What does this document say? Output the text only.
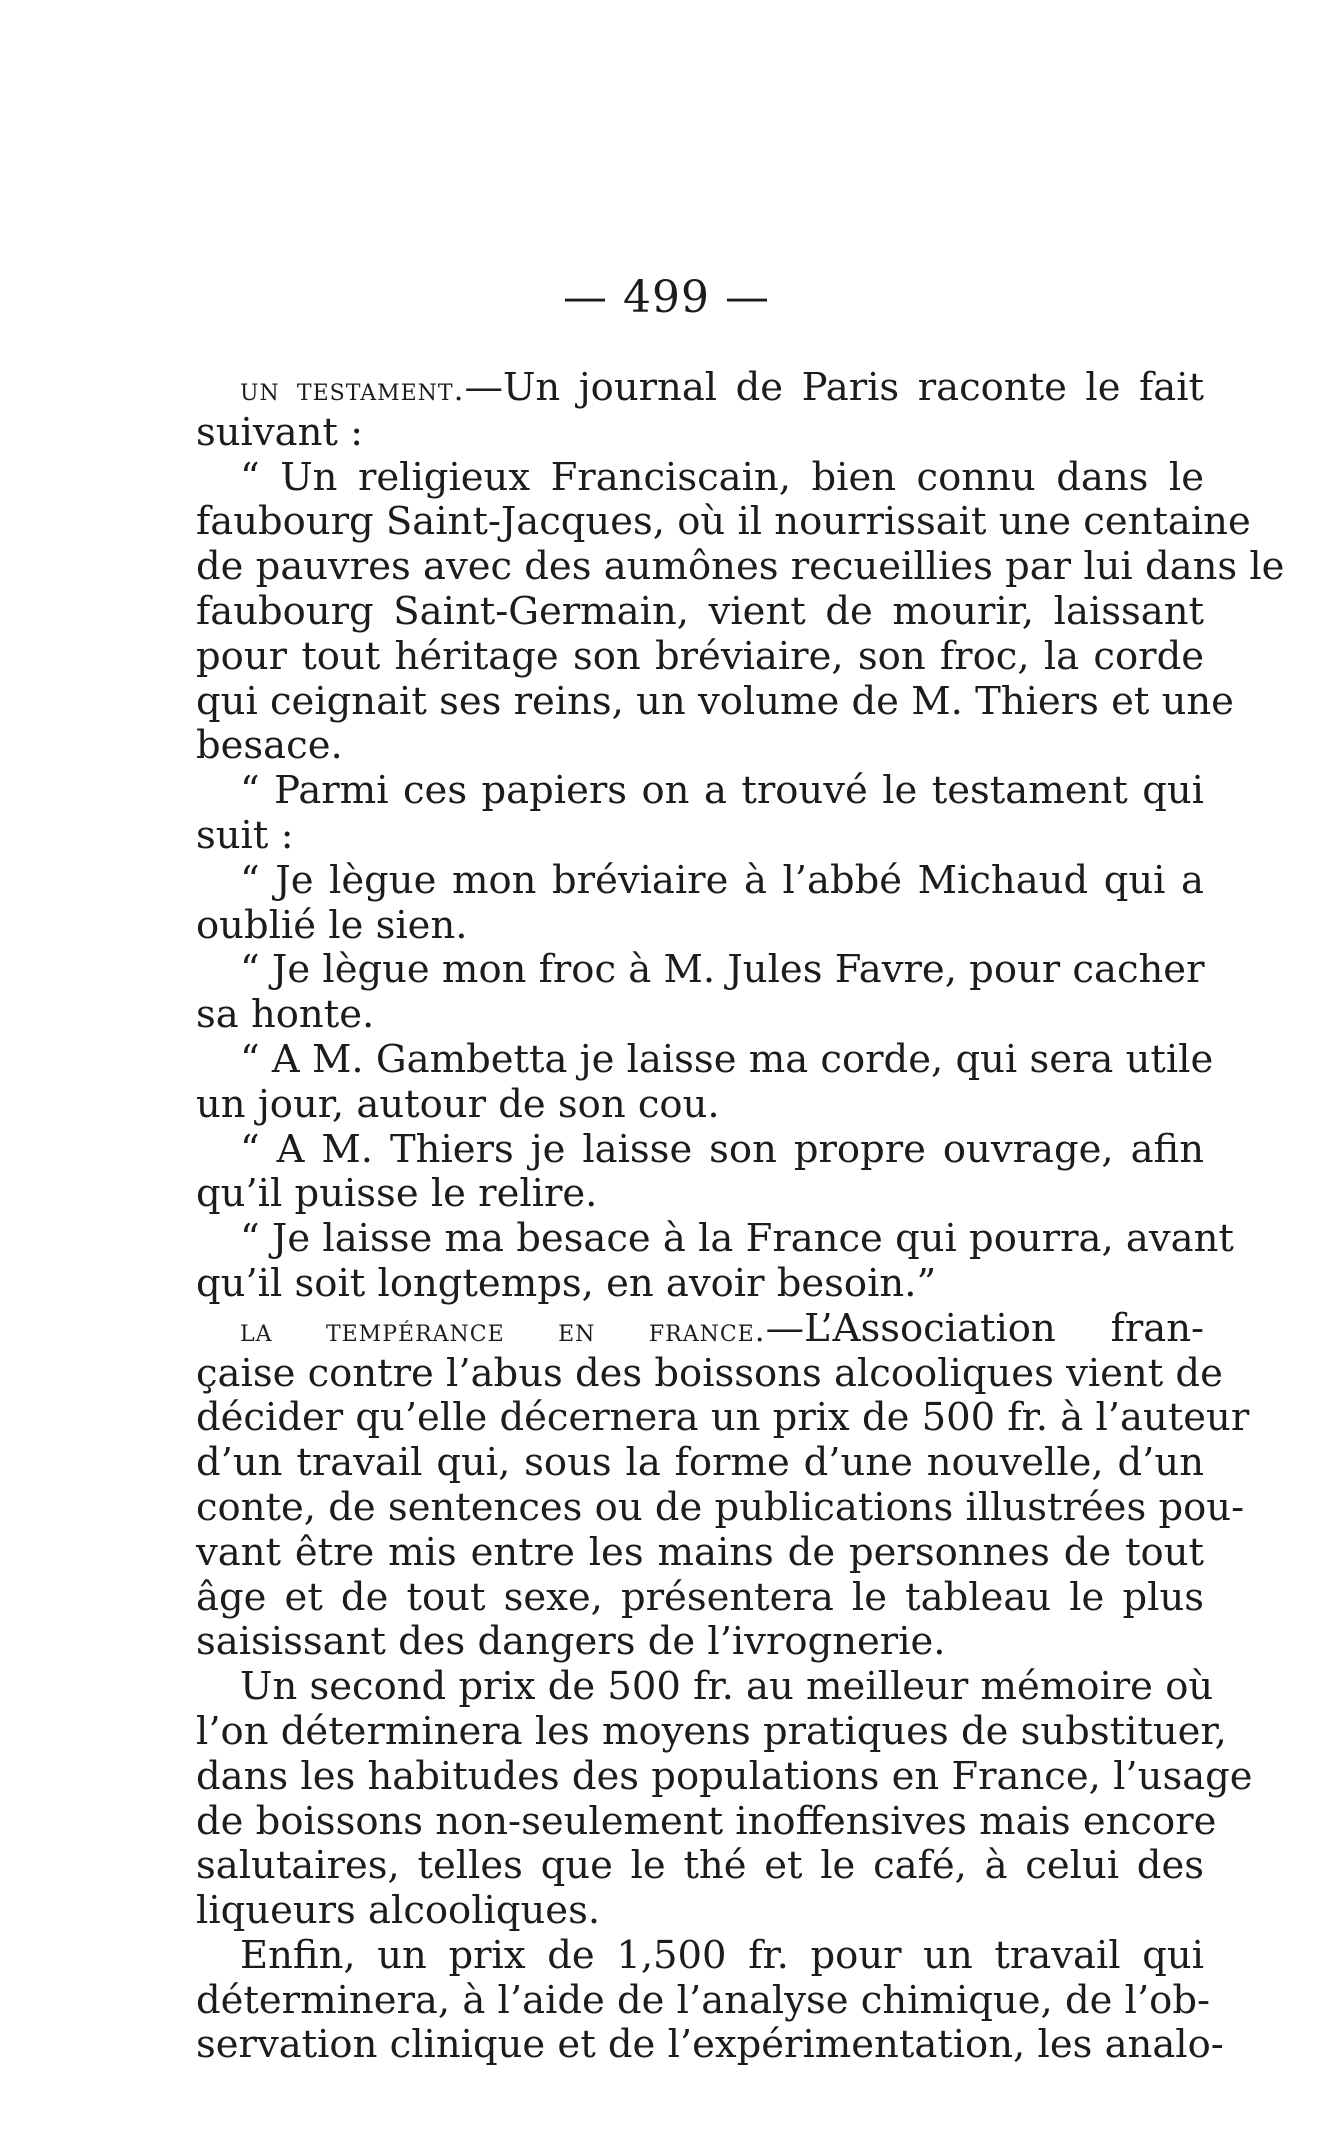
— 499 —
un testament.—Un journal de Paris raconte le fait
suivant :
“ Un religieux Franciscain, bien connu dans le
faubourg Saint-Jacques, où il nourrissait une centaine
de pauvres avec des aumônes recueillies par lui dans le
faubourg Saint-Germain, vient de mourir, laissant
pour tout héritage son bréviaire, son froc, la corde
qui ceignait ses reins, un volume de M. Thiers et une
besace.
“ Parmi ces papiers on a trouvé le testament qui
suit :
“ Je lègue mon bréviaire à l’abbé Michaud qui a
oublié le sien.
“ Je lègue mon froc à M. Jules Favre, pour cacher
sa honte.
“ A M. Gambetta je laisse ma corde, qui sera utile
un jour, autour de son cou.
“ A M. Thiers je laisse son propre ouvrage, afin
qu’il puisse le relire.
“ Je laisse ma besace à la France qui pourra, avant
qu’il soit longtemps, en avoir besoin.”
la tempérance en france.—L’Association fran-
çaise contre l’abus des boissons alcooliques vient de
décider qu’elle décernera un prix de 500 fr. à l’auteur
d’un travail qui, sous la forme d’une nouvelle, d’un
conte, de sentences ou de publications illustrées pou-
vant être mis entre les mains de personnes de tout
âge et de tout sexe, présentera le tableau le plus
saisissant des dangers de l’ivrognerie.
Un second prix de 500 fr. au meilleur mémoire où
l’on déterminera les moyens pratiques de substituer,
dans les habitudes des populations en France, l’usage
de boissons non-seulement inoffensives mais encore
salutaires, telles que le thé et le café, à celui des
liqueurs alcooliques.
Enfin, un prix de 1,500 fr. pour un travail qui
déterminera, à l’aide de l’analyse chimique, de l’ob-
servation clinique et de l’expérimentation, les analo-
